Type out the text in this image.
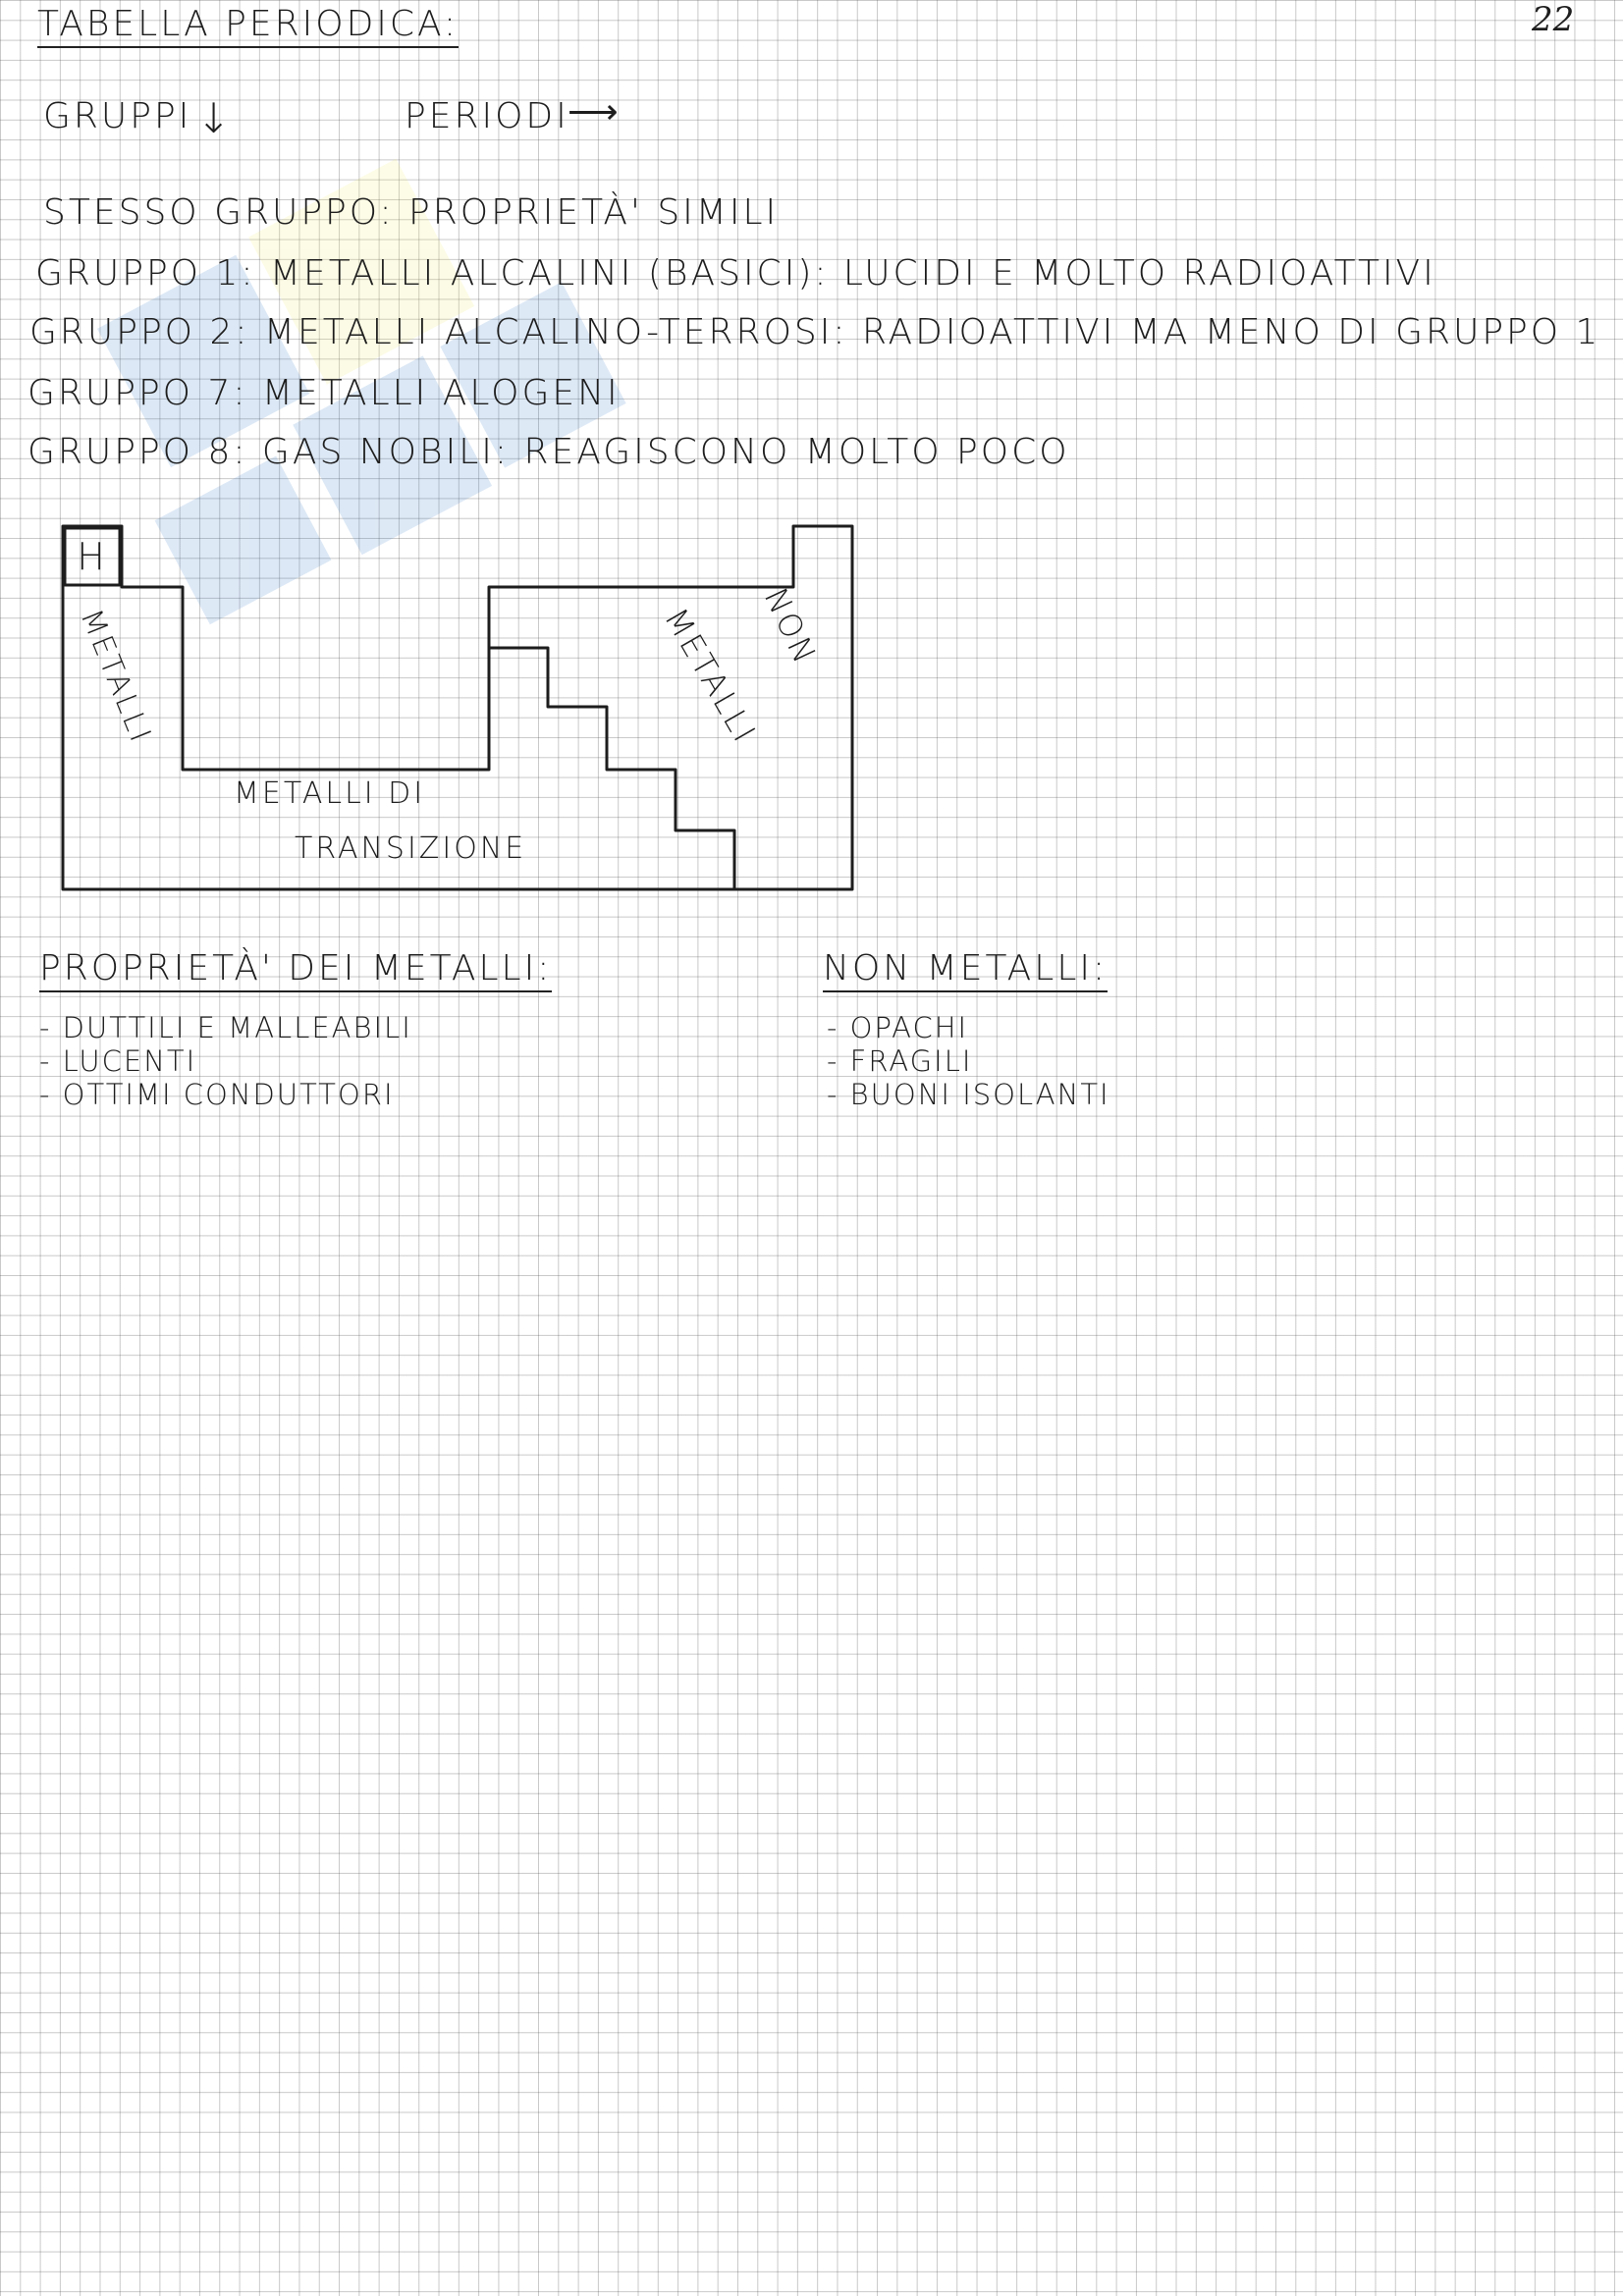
22
TABELLA PERIODICA:
GRUPPI ↓	PERIODI
⟶
STESSO GRUPPO: PROPRIETÀ' SIMILI
GRUPPO 1: METALLI ALCALINI (BASICI): LUCIDI E MOLTO RADIOATTIVI
GRUPPO 2: METALLI ALCALINO-TERROSI: RADIOATTIVI MA MENO DI GRUPPO 1
GRUPPO 7: METALLI ALOGENI
GRUPPO 8: GAS NOBILI: REAGISCONO MOLTO POCO
H
METALLI
METALLI DI
TRANSIZIONE
NON
METALLI
PROPRIETÀ' DEI METALLI:
- DUTTILI E MALLEABILI
- LUCENTI
- OTTIMI CONDUTTORI
NON METALLI:
- OPACHI
- FRAGILI
- BUONI ISOLANTI
